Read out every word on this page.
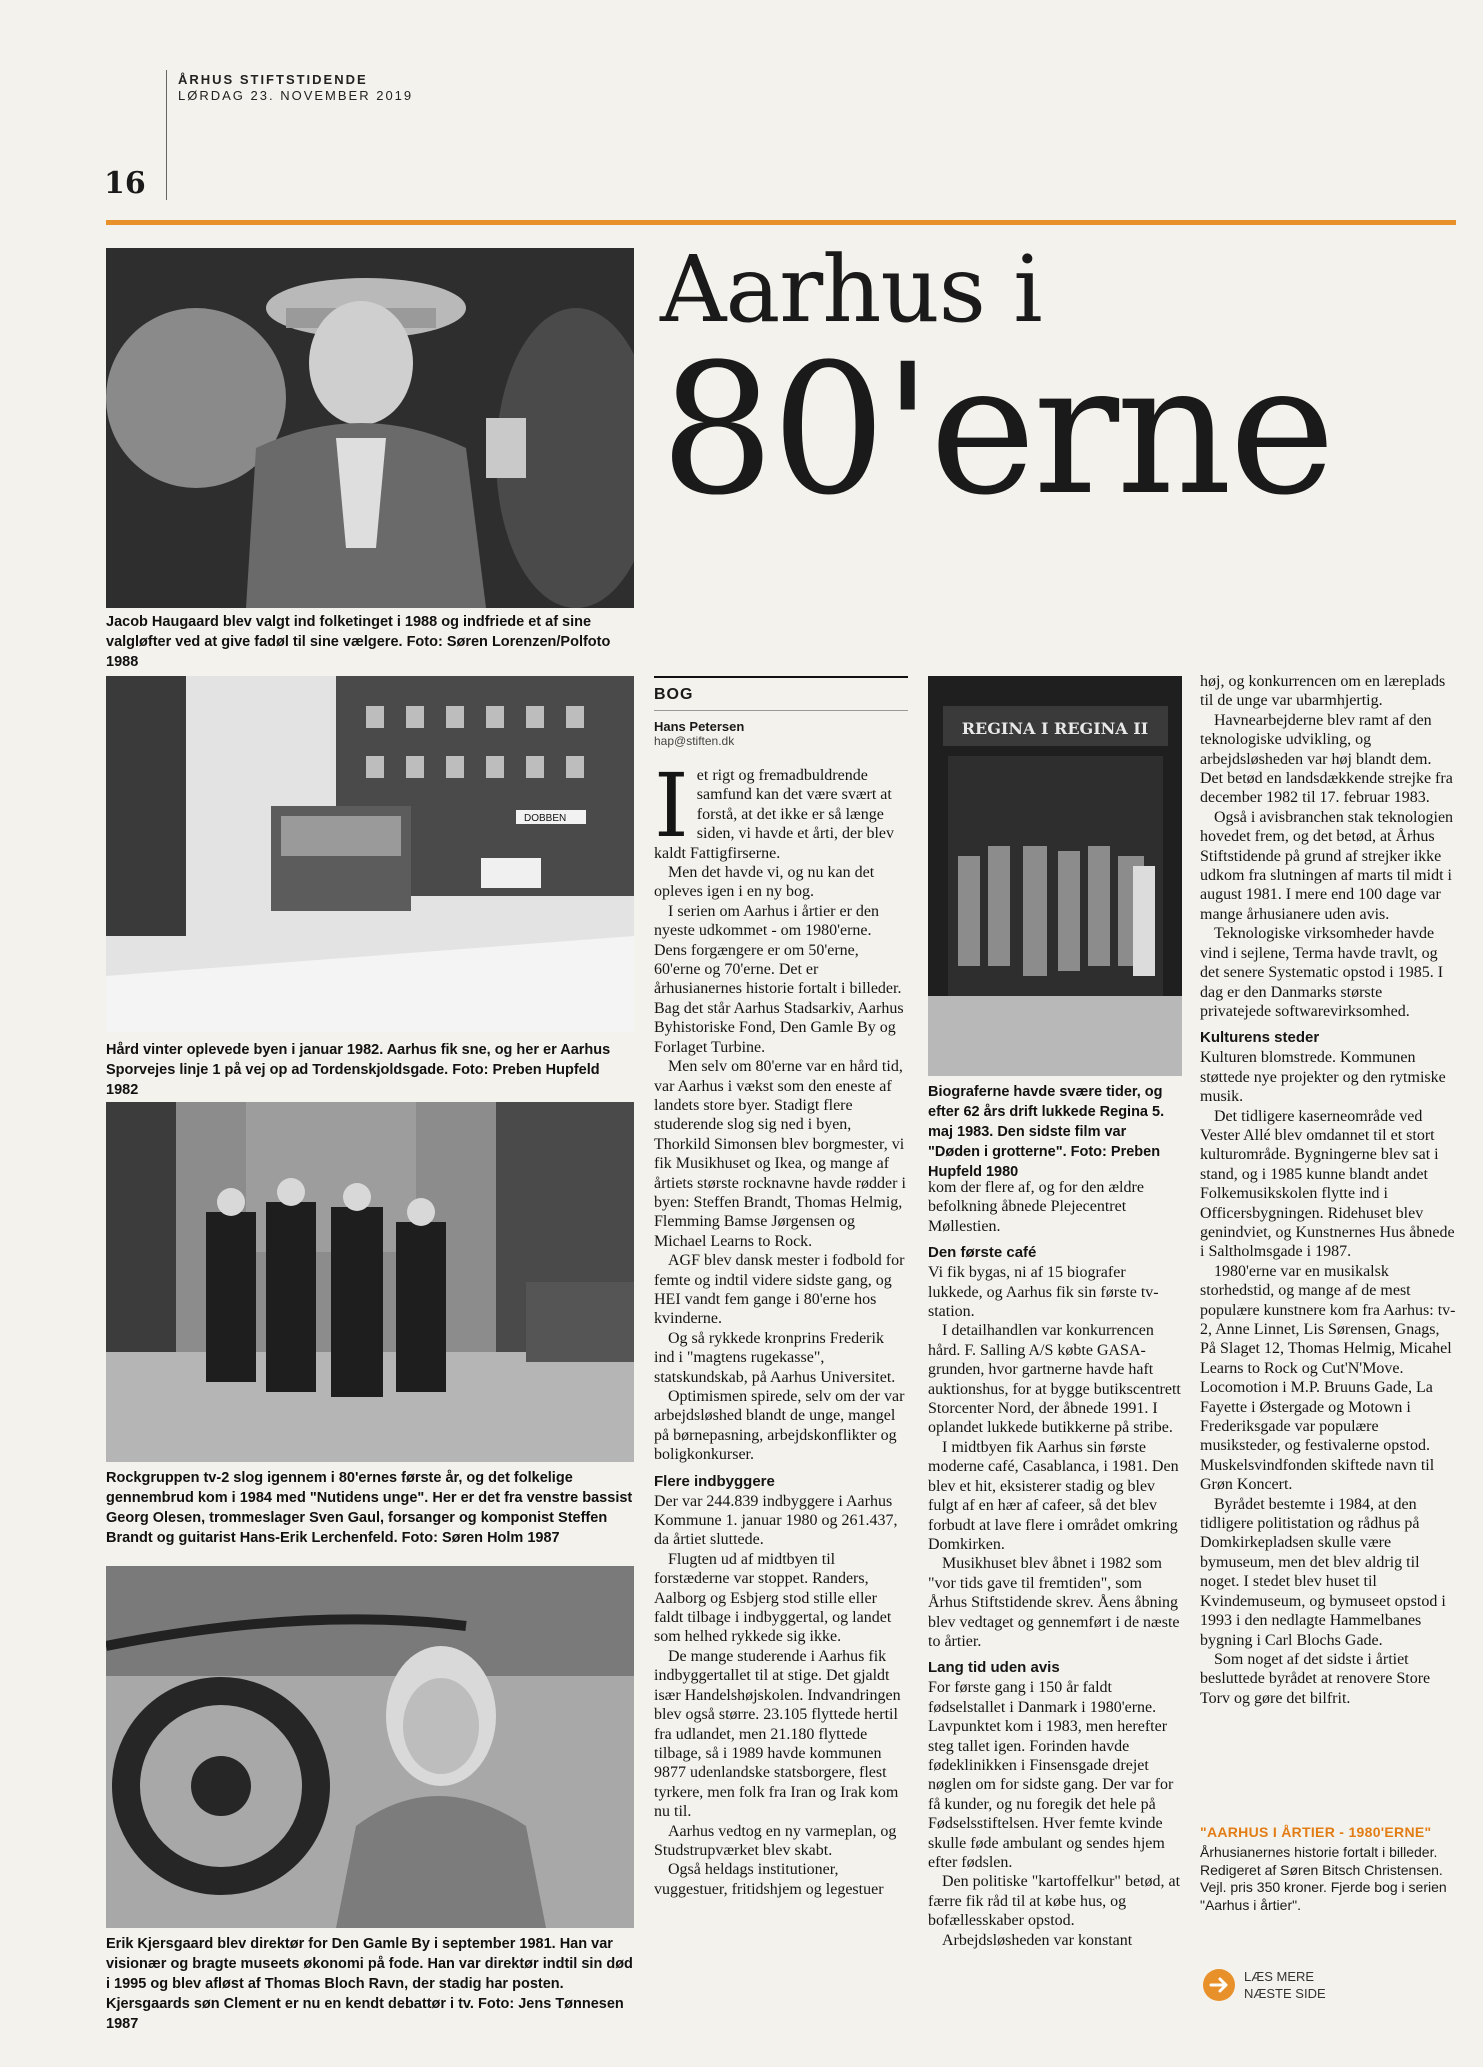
ÅRHUS STIFTSTIDENDE
LØRDAG 23. NOVEMBER 2019
16
Jacob Haugaard blev valgt ind folketinget i 1988 og indfriede et af sine valgløfter ved at give fadøl til sine vælgere. Foto: Søren Lorenzen/Polfoto 1988
DOBBEN
Hård vinter oplevede byen i januar 1982. Aarhus fik sne, og her er Aarhus Sporvejes linje 1 på vej op ad Tordenskjoldsgade. Foto: Preben Hupfeld 1982
Rockgruppen tv-2 slog igennem i 80'ernes første år, og det folkelige gennembrud kom i 1984 med "Nutidens unge". Her er det fra venstre bassist Georg Olesen, trommeslager Sven Gaul, forsanger og komponist Steffen Brandt og guitarist Hans-Erik Lerchenfeld. Foto: Søren Holm 1987
Erik Kjersgaard blev direktør for Den Gamle By i september 1981. Han var visionær og bragte museets økonomi på fode. Han var direktør indtil sin død i 1995 og blev afløst af Thomas Bloch Ravn, der stadig har posten. Kjersgaards søn Clement er nu en kendt debattør i tv. Foto: Jens Tønnesen 1987
Aarhus i
80'erne
BOG
Hans Petersen
hap@stiften.dk

Iet rigt og fremadbuldrende samfund kan det være svært at forstå, at det ikke er så længe siden, vi havde et årti, der blev kaldt Fattigfirserne.

Men det havde vi, og nu kan det opleves igen i en ny bog.

I serien om Aarhus i årtier er den nyeste udkommet - om 1980'erne. Dens forgængere er om 50'erne, 60'erne og 70'erne. Det er århusianernes historie fortalt i billeder. Bag det står Aarhus Stadsarkiv, Aarhus Byhistoriske Fond, Den Gamle By og Forlaget Turbine.

Men selv om 80'erne var en hård tid, var Aarhus i vækst som den eneste af landets store byer. Stadigt flere studerende slog sig ned i byen, Thorkild Simonsen blev borgmester, vi fik Musikhuset og Ikea, og mange af årtiets største rocknavne havde rødder i byen: Steffen Brandt, Thomas Helmig, Flemming Bamse Jørgensen og Michael Learns to Rock.

AGF blev dansk mester i fodbold for femte og indtil videre sidste gang, og HEI vandt fem gange i 80'erne hos kvinderne.

Og så rykkede kronprins Frederik ind i "magtens rugekasse", statskundskab, på Aarhus Universitet.

Optimismen spirede, selv om der var arbejdsløshed blandt de unge, mangel på børnepasning, arbejdskonflikter og boligkonkurser.

Flere indbyggere

Der var 244.839 indbyggere i Aarhus Kommune 1. januar 1980 og 261.437, da årtiet sluttede.

Flugten ud af midtbyen til forstæderne var stoppet. Randers, Aalborg og Esbjerg stod stille eller faldt tilbage i indbyggertal, og landet som helhed rykkede sig ikke.

De mange studerende i Aarhus fik indbyggertallet til at stige. Det gjaldt især Handelshøjskolen. Indvandringen blev også større. 23.105 flyttede hertil fra udlandet, men 21.180 flyttede tilbage, så i 1989 havde kommunen 9877 udenlandske statsborgere, flest tyrkere, men folk fra Iran og Irak kom nu til.

Aarhus vedtog en ny varmeplan, og Studstrupværket blev skabt.

Også heldags institutioner, vuggestuer, fritidshjem og legestuer

REGINA I REGINA II
Biograferne havde svære tider, og efter 62 års drift lukkede Regina 5. maj 1983. Den sidste film var "Døden i grotterne". Foto: Preben Hupfeld 1980

kom der flere af, og for den ældre befolkning åbnede Plejecentret Møllestien.

Den første café

Vi fik bygas, ni af 15 biografer lukkede, og Aarhus fik sin første tv-station.

I detailhandlen var konkurrencen hård. F. Salling A/S købte GASA-grunden, hvor gartnerne havde haft auktionshus, for at bygge butikscentrett Storcenter Nord, der åbnede 1991. I oplandet lukkede butikkerne på stribe.

I midtbyen fik Aarhus sin første moderne café, Casablanca, i 1981. Den blev et hit, eksisterer stadig og blev fulgt af en hær af cafeer, så det blev forbudt at lave flere i området omkring Domkirken.

Musikhuset blev åbnet i 1982 som "vor tids gave til fremtiden", som Århus Stiftstidende skrev. Åens åbning blev vedtaget og gennemført i de næste to årtier.

Lang tid uden avis

For første gang i 150 år faldt fødselstallet i Danmark i 1980'erne. Lavpunktet kom i 1983, men herefter steg tallet igen. Forinden havde fødeklinikken i Finsensgade drejet nøglen om for sidste gang. Der var for få kunder, og nu foregik det hele på Fødselsstiftelsen. Hver femte kvinde skulle føde ambulant og sendes hjem efter fødslen.

Den politiske "kartoffelkur" betød, at færre fik råd til at købe hus, og bofællesskaber opstod.

Arbejdsløsheden var konstant

høj, og konkurrencen om en læreplads til de unge var ubarmhjertig.

Havnearbejderne blev ramt af den teknologiske udvikling, og arbejdsløsheden var høj blandt dem. Det betød en landsdækkende strejke fra december 1982 til 17. februar 1983.

Også i avisbranchen stak teknologien hovedet frem, og det betød, at Århus Stiftstidende på grund af strejker ikke udkom fra slutningen af marts til midt i august 1981. I mere end 100 dage var mange århusianere uden avis.

Teknologiske virksomheder havde vind i sejlene, Terma havde travlt, og det senere Systematic opstod i 1985. I dag er den Danmarks største privatejede softwarevirksomhed.

Kulturens steder

Kulturen blomstrede. Kommunen støttede nye projekter og den rytmiske musik.

Det tidligere kaserneområde ved Vester Allé blev omdannet til et stort kulturområde. Bygningerne blev sat i stand, og i 1985 kunne blandt andet Folkemusikskolen flytte ind i Officersbygningen. Ridehuset blev genindviet, og Kunstnernes Hus åbnede i Saltholmsgade i 1987.

1980'erne var en musikalsk storhedstid, og mange af de mest populære kunstnere kom fra Aarhus: tv-2, Anne Linnet, Lis Sørensen, Gnags, På Slaget 12, Thomas Helmig, Micahel Learns to Rock og Cut'N'Move. Locomotion i M.P. Bruuns Gade, La Fayette i Østergade og Motown i Frederiksgade var populære musiksteder, og festivalerne opstod. Muskelsvindfonden skiftede navn til Grøn Koncert.

Byrådet bestemte i 1984, at den tidligere politistation og rådhus på Domkirkepladsen skulle være bymuseum, men det blev aldrig til noget. I stedet blev huset til Kvindemuseum, og bymuseet opstod i 1993 i den nedlagte Hammelbanes bygning i Carl Blochs Gade.

Som noget af det sidste i årtiet besluttede byrådet at renovere Store Torv og gøre det bilfrit.

"AARHUS I ÅRTIER - 1980'ERNE"
Århusianernes historie fortalt i billeder. Redigeret af Søren Bitsch Christensen. Vejl. pris 350 kroner. Fjerde bog i serien "Aarhus i årtier".
LÆS MERE
NÆSTE SIDE
